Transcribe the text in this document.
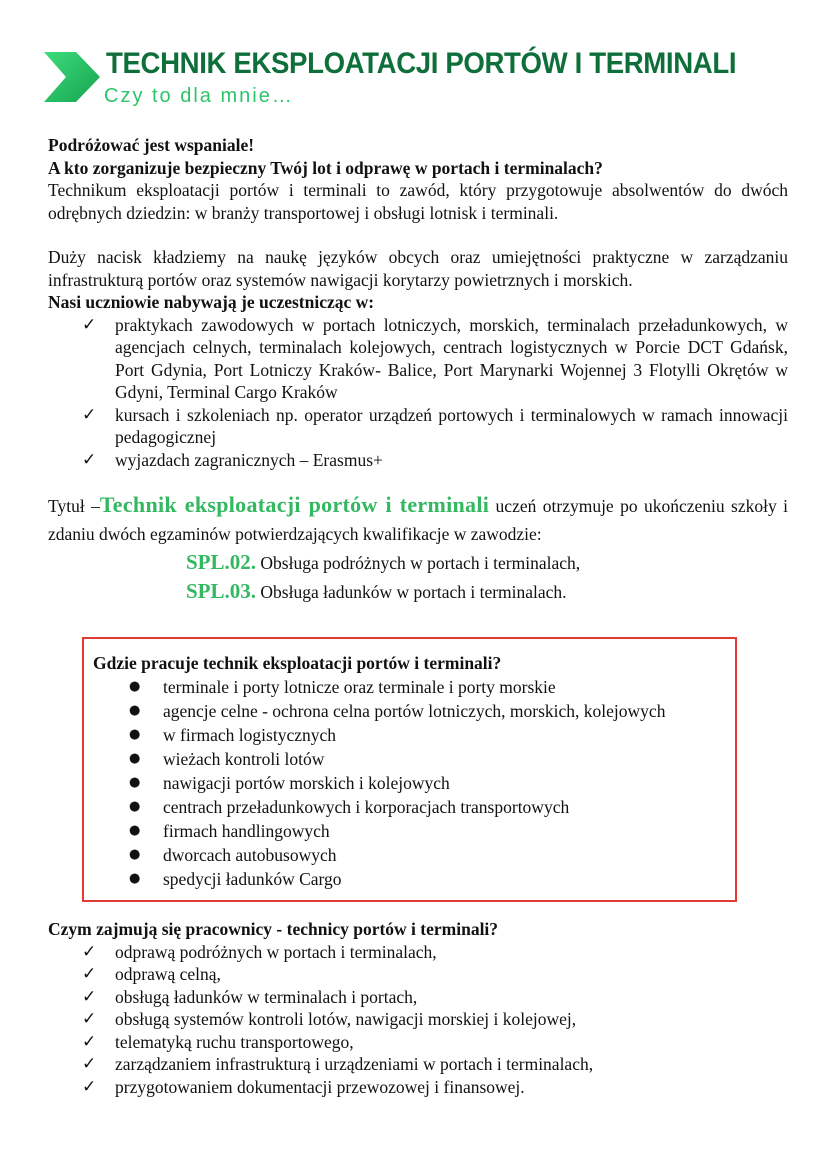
TECHNIK EKSPLOATACJI PORTÓW I TERMINALI
Czy to dla mnie…

Podróżować jest wspaniale!

A kto zorganizuje bezpieczny Twój lot i odprawę w portach i terminalach?

Technikum eksploatacji portów i terminali to zawód, który przygotowuje absolwentów do dwóch odrębnych dziedzin: w branży transportowej i obsługi lotnisk i terminali.

Duży nacisk kładziemy na naukę języków obcych oraz umiejętności praktyczne w zarządzaniu infrastrukturą portów oraz systemów nawigacji korytarzy powietrznych i morskich.

Nasi uczniowie nabywają je uczestnicząc w:

✓ praktykach zawodowych w portach lotniczych, morskich, terminalach przeładunkowych, w agencjach celnych, terminalach kolejowych, centrach logistycznych w Porcie DCT Gdańsk, Port Gdynia, Port Lotniczy Kraków- Balice, Port Marynarki Wojennej 3 Flotylli Okrętów w Gdyni, Terminal Cargo Kraków
✓ kursach i szkoleniach np. operator urządzeń portowych i terminalowych w ramach innowacji pedagogicznej
✓ wyjazdach zagranicznych – Erasmus+

Tytuł –Technik eksploatacji portów i terminali uczeń otrzymuje po ukończeniu szkoły i zdaniu dwóch egzaminów potwierdzających kwalifikacje w zawodzie:

SPL.02. Obsługa podróżnych w portach i terminalach,

SPL.03. Obsługa ładunków w portach i terminalach.

Gdzie pracuje technik eksploatacji portów i terminali?

● terminale i porty lotnicze oraz terminale i porty morskie
● agencje celne - ochrona celna portów lotniczych, morskich, kolejowych
● w firmach logistycznych
● wieżach kontroli lotów
● nawigacji portów morskich i kolejowych
● centrach przeładunkowych i korporacjach transportowych
● firmach handlingowych
● dworcach autobusowych
● spedycji ładunków Cargo

Czym zajmują się pracownicy - technicy portów i terminali?

✓ odprawą podróżnych w portach i terminalach,
✓ odprawą celną,
✓ obsługą ładunków w terminalach i portach,
✓ obsługą systemów kontroli lotów, nawigacji morskiej i kolejowej,
✓ telematyką ruchu transportowego,
✓ zarządzaniem infrastrukturą i urządzeniami w portach i terminalach,
✓ przygotowaniem dokumentacji przewozowej i finansowej.
